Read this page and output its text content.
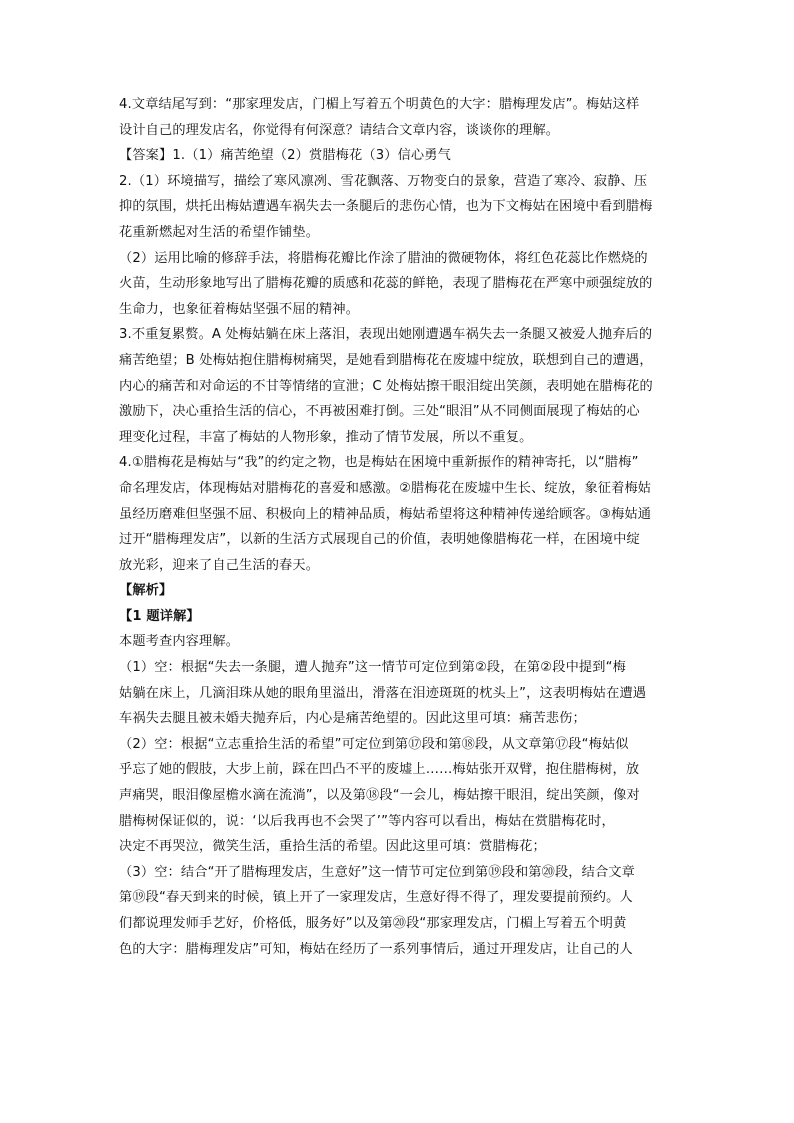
4.文章结尾写到：“那家理发店，门楣上写着五个明黄色的大字：腊梅理发店”。梅姑这样
设计自己的理发店名，你觉得有何深意？请结合文章内容，谈谈你的理解。
【答案】1.（1）痛苦绝望（2）赏腊梅花（3）信心勇气
2.（1）环境描写，描绘了寒风凛冽、雪花飘落、万物变白的景象，营造了寒冷、寂静、压
抑的氛围，烘托出梅姑遭遇车祸失去一条腿后的悲伤心情，也为下文梅姑在困境中看到腊梅
花重新燃起对生活的希望作铺垫。
（2）运用比喻的修辞手法，将腊梅花瓣比作涂了腊油的微硬物体，将红色花蕊比作燃烧的
火苗，生动形象地写出了腊梅花瓣的质感和花蕊的鲜艳，表现了腊梅花在严寒中顽强绽放的
生命力，也象征着梅姑坚强不屈的精神。
3.不重复累赘。A 处梅姑躺在床上落泪，表现出她刚遭遇车祸失去一条腿又被爱人抛弃后的
痛苦绝望；B 处梅姑抱住腊梅树痛哭，是她看到腊梅花在废墟中绽放，联想到自己的遭遇，
内心的痛苦和对命运的不甘等情绪的宣泄；C 处梅姑擦干眼泪绽出笑颜，表明她在腊梅花的
激励下，决心重拾生活的信心，不再被困难打倒。三处“眼泪”从不同侧面展现了梅姑的心
理变化过程，丰富了梅姑的人物形象，推动了情节发展，所以不重复。
4.①腊梅花是梅姑与“我”的约定之物，也是梅姑在困境中重新振作的精神寄托，以“腊梅”
命名理发店，体现梅姑对腊梅花的喜爱和感激。②腊梅花在废墟中生长、绽放，象征着梅姑
虽经历磨难但坚强不屈、积极向上的精神品质，梅姑希望将这种精神传递给顾客。③梅姑通
过开“腊梅理发店”，以新的生活方式展现自己的价值，表明她像腊梅花一样，在困境中绽
放光彩，迎来了自己生活的春天。
【解析】
【1 题详解】
本题考查内容理解。
（1）空：根据“失去一条腿，遭人抛弃”这一情节可定位到第②段，在第②段中提到“梅
姑躺在床上，几滴泪珠从她的眼角里溢出，滑落在泪迹斑斑的枕头上”，这表明梅姑在遭遇
车祸失去腿且被未婚夫抛弃后，内心是痛苦绝望的。因此这里可填：痛苦悲伤；
（2）空：根据“立志重拾生活的希望”可定位到第⑰段和第⑱段，从文章第⑰段“梅姑似
乎忘了她的假肢，大步上前，踩在凹凸不平的废墟上……梅姑张开双臂，抱住腊梅树，放
声痛哭，眼泪像屋檐水滴在流淌”，以及第⑱段“一会儿，梅姑擦干眼泪，绽出笑颜，像对
腊梅树保证似的，说：‘以后我再也不会哭了’”等内容可以看出，梅姑在赏腊梅花时，
决定不再哭泣，微笑生活，重拾生活的希望。因此这里可填：赏腊梅花；
（3）空：结合“开了腊梅理发店，生意好”这一情节可定位到第⑲段和第⑳段，结合文章
第⑲段“春天到来的时候，镇上开了一家理发店，生意好得不得了，理发要提前预约。人
们都说理发师手艺好，价格低，服务好”以及第⑳段“那家理发店，门楣上写着五个明黄
色的大字：腊梅理发店”可知，梅姑在经历了一系列事情后，通过开理发店，让自己的人
